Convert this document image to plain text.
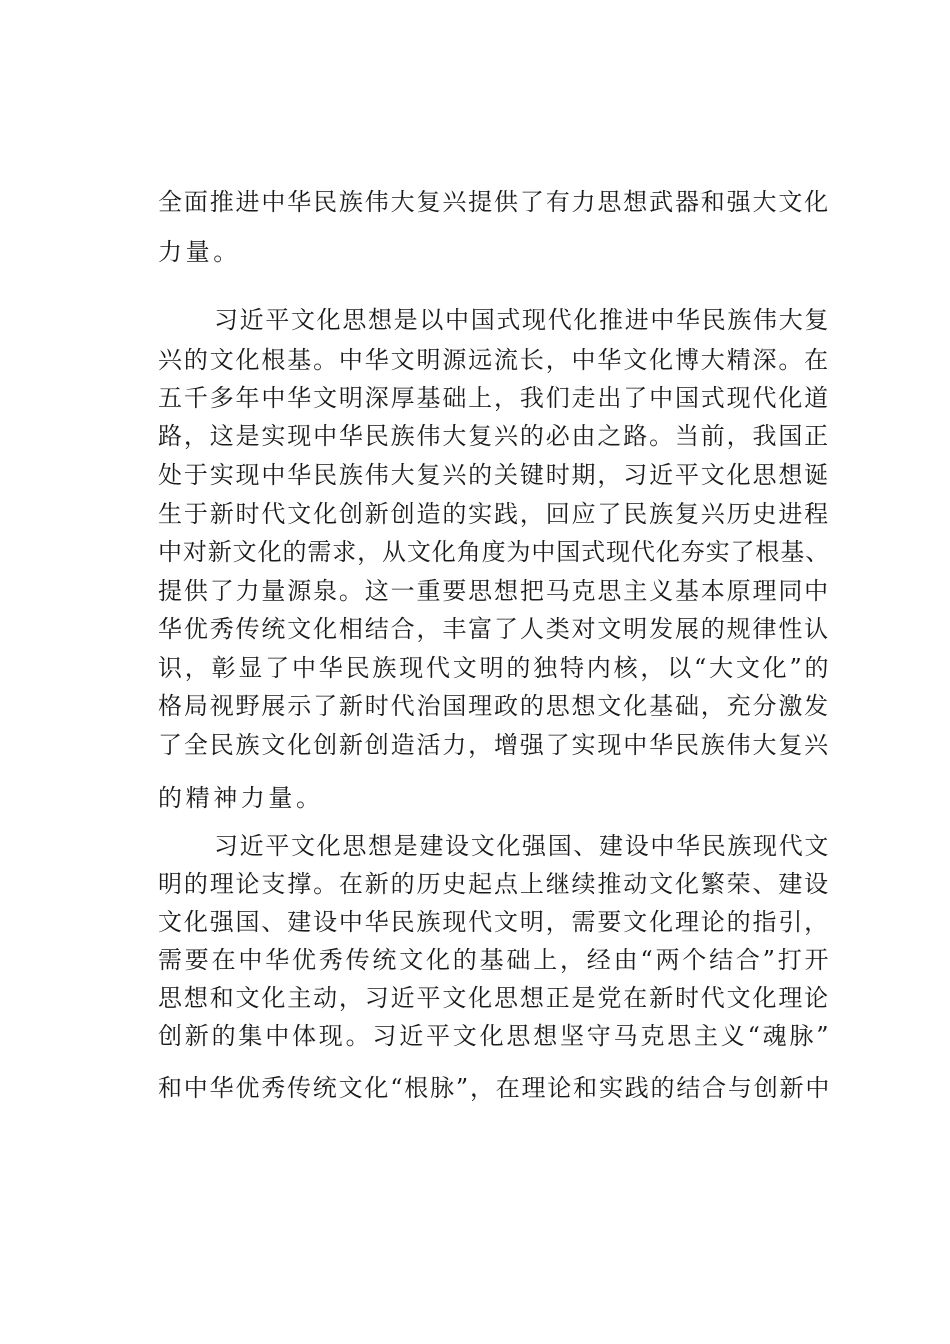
全面推进中华民族伟大复兴提供了有力思想武器和强大文化
力量。
习近平文化思想是以中国式现代化推进中华民族伟大复
兴的文化根基。中华文明源远流长，中华文化博大精深。在
五千多年中华文明深厚基础上，我们走出了中国式现代化道
路，这是实现中华民族伟大复兴的必由之路。当前，我国正
处于实现中华民族伟大复兴的关键时期，习近平文化思想诞
生于新时代文化创新创造的实践，回应了民族复兴历史进程
中对新文化的需求，从文化角度为中国式现代化夯实了根基、
提供了力量源泉。这一重要思想把马克思主义基本原理同中
华优秀传统文化相结合，丰富了人类对文明发展的规律性认
识，彰显了中华民族现代文明的独特内核，以“大文化”的
格局视野展示了新时代治国理政的思想文化基础，充分激发
了全民族文化创新创造活力，增强了实现中华民族伟大复兴
的精神力量。
习近平文化思想是建设文化强国、建设中华民族现代文
明的理论支撑。在新的历史起点上继续推动文化繁荣、建设
文化强国、建设中华民族现代文明，需要文化理论的指引，
需要在中华优秀传统文化的基础上，经由“两个结合”打开
思想和文化主动，习近平文化思想正是党在新时代文化理论
创新的集中体现。习近平文化思想坚守马克思主义“魂脉”
和中华优秀传统文化“根脉”，在理论和实践的结合与创新中
